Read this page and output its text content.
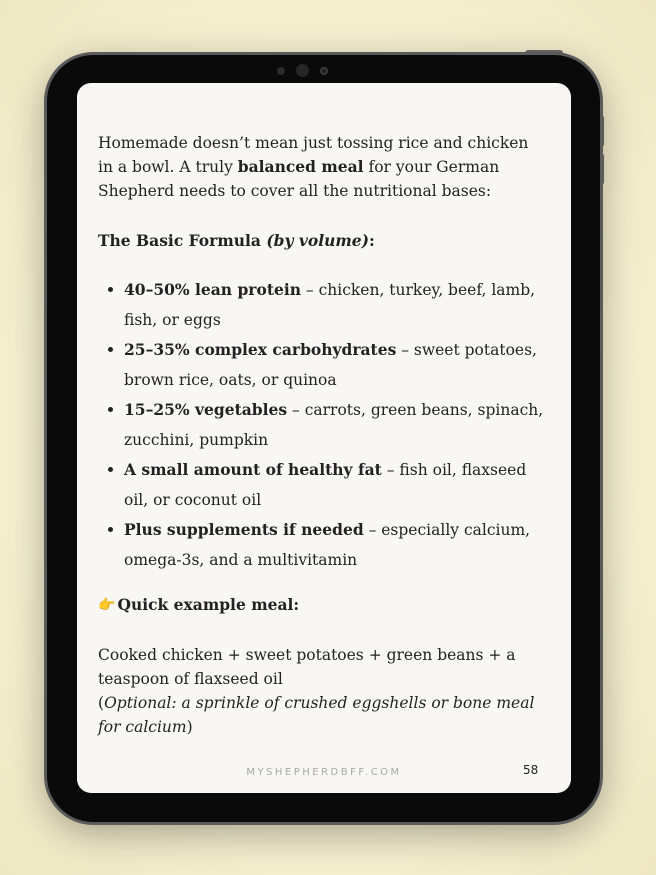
Homemade doesn’t mean just tossing rice and chicken in a bowl. A truly balanced meal for your German Shepherd needs to cover all the nutritional bases:

The Basic Formula (by volume):

40–50% lean protein – chicken, turkey, beef, lamb, fish, or eggs
25–35% complex carbohydrates – sweet potatoes, brown rice, oats, or quinoa
15–25% vegetables – carrots, green beans, spinach, zucchini, pumpkin
A small amount of healthy fat – fish oil, flaxseed oil, or coconut oil
Plus supplements if needed – especially calcium, omega-3s, and a multivitamin

👉 Quick example meal:

Cooked chicken + sweet potatoes + green beans + a teaspoon of flaxseed oil

(Optional: a sprinkle of crushed eggshells or bone meal for calcium)

MYSHEPHERDBFF.COM	58
